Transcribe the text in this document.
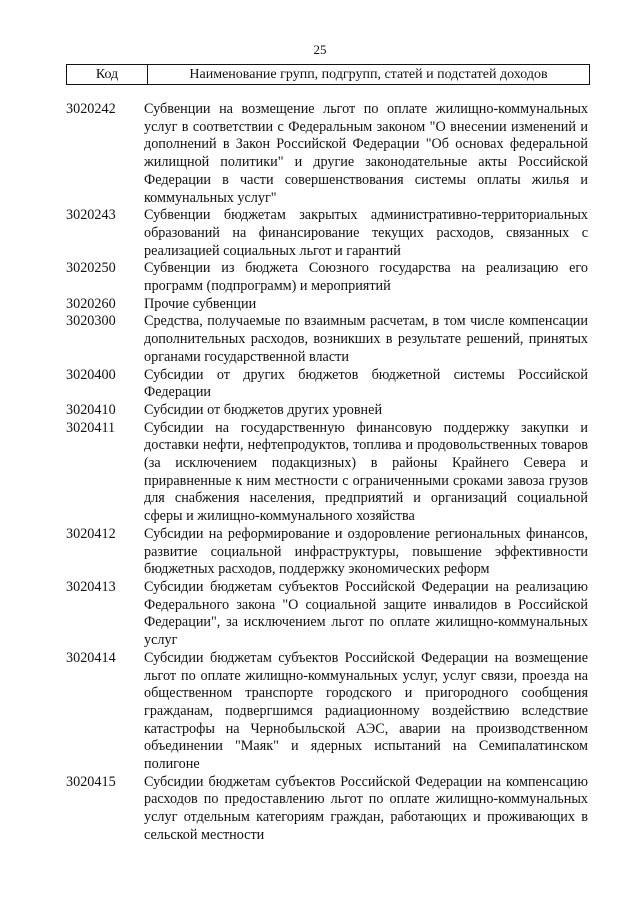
25
Код	Наименование групп, подгрупп, статей и подстатей доходов
3020242	Субвенции на возмещение льгот по оплате жилищно-коммунальных услуг в соответствии с Федеральным законом "О внесении изменений и дополнений в Закон Российской Федерации "Об основах федеральной жилищной политики" и другие законодательные акты Российской Федерации в части совершенствования системы оплаты жилья и коммунальных услуг"
3020243	Субвенции бюджетам закрытых административно-территориальных образований на финансирование текущих расходов, связанных с реализацией социальных льгот и гарантий
3020250	Субвенции из бюджета Союзного государства на реализацию его программ (подпрограмм) и мероприятий
3020260	Прочие субвенции
3020300	Средства, получаемые по взаимным расчетам, в том числе компенсации дополнительных расходов, возникших в результате решений, принятых органами государственной власти
3020400	Субсидии от других бюджетов бюджетной системы Российской Федерации
3020410	Субсидии от бюджетов других уровней
3020411	Субсидии на государственную финансовую поддержку закупки и доставки нефти, нефтепродуктов, топлива и продовольственных товаров (за исключением подакцизных) в районы Крайнего Севера и приравненные к ним местности с ограниченными сроками завоза грузов для снабжения населения, предприятий и организаций социальной сферы и жилищно-коммунального хозяйства
3020412	Субсидии на реформирование и оздоровление региональных финансов, развитие социальной инфраструктуры, повышение эффективности бюджетных расходов, поддержку экономических реформ
3020413	Субсидии бюджетам субъектов Российской Федерации на реализацию Федерального закона "О социальной защите инвалидов в Российской Федерации", за исключением льгот по оплате жилищно-коммунальных услуг
3020414	Субсидии бюджетам субъектов Российской Федерации на возмещение льгот по оплате жилищно-коммунальных услуг, услуг связи, проезда на общественном транспорте городского и пригородного сообщения гражданам, подвергшимся радиационному воздействию вследствие катастрофы на Чернобыльской АЭС, аварии на производственном объединении "Маяк" и ядерных испытаний на Семипалатинском полигоне
3020415	Субсидии бюджетам субъектов Российской Федерации на компенсацию расходов по предоставлению льгот по оплате жилищно-коммунальных услуг отдельным категориям граждан, работающих и проживающих в сельской местности
